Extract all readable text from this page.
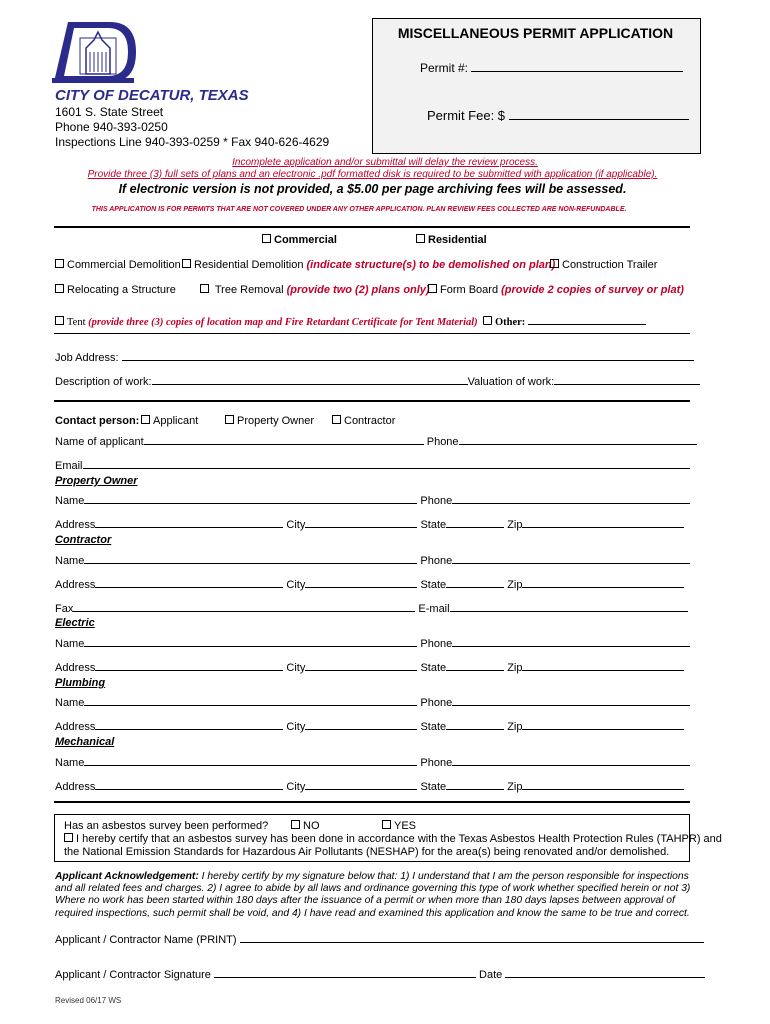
CITY OF DECATUR, TEXAS
1601 S. State Street
Phone 940-393-0250
Inspections Line 940-393-0259 * Fax 940-626-4629
MISCELLANEOUS PERMIT APPLICATION
Permit #:
Permit Fee: $
Incomplete application and/or submittal will delay the review process.
Provide three (3) full sets of plans and an electronic .pdf formatted disk is required to be submitted with application (if applicable).
If electronic version is not provided, a $5.00 per page archiving fees will be assessed.
THIS APPLICATION IS FOR PERMITS THAT ARE NOT COVERED UNDER ANY OTHER APPLICATION. PLAN REVIEW FEES COLLECTED ARE NON-REFUNDABLE.
Commercial	Residential
Commercial Demolition	Residential Demolition (indicate structure(s) to be demolished on plan) Construction Trailer
Relocating a Structure	Tree Removal (provide two (2) plans only) Form Board (provide 2 copies of survey or plat)
Tent (provide three (3) copies of location map and Fire Retardant Certificate for Tent Material) Other:
Job Address:
Description of work:	Valuation of work:
Contact person:	Applicant	Property Owner	Contractor
Name of applicant	Phone
Email
Property Owner
Name	Phone
Address	City	State	Zip
Contractor
Name	Phone
Address	City	State	Zip
Fax	E-mail
Electric
Name	Phone
Address	City	State	Zip
Plumbing
Name	Phone
Address	City	State	Zip
Mechanical
Name	Phone
Address	City	State	Zip
Has an asbestos survey been performed?	NO	YES
I hereby certify that an asbestos survey has been done in accordance with the Texas Asbestos Health Protection Rules (TAHPR) and
the National Emission Standards for Hazardous Air Pollutants (NESHAP) for the area(s) being renovated and/or demolished.
Applicant Acknowledgement: I hereby certify by my signature below that: 1) I understand that I am the person responsible for inspections
and all related fees and charges. 2) I agree to abide by all laws and ordinance governing this type of work whether specified herein or not 3)
Where no work has been started within 180 days after the issuance of a permit or when more than 180 days lapses between approval of
required inspections, such permit shall be void, and 4) I have read and examined this application and know the same to be true and correct.
Applicant / Contractor Name (PRINT)
Applicant / Contractor Signature	Date
Revised 06/17 WS
